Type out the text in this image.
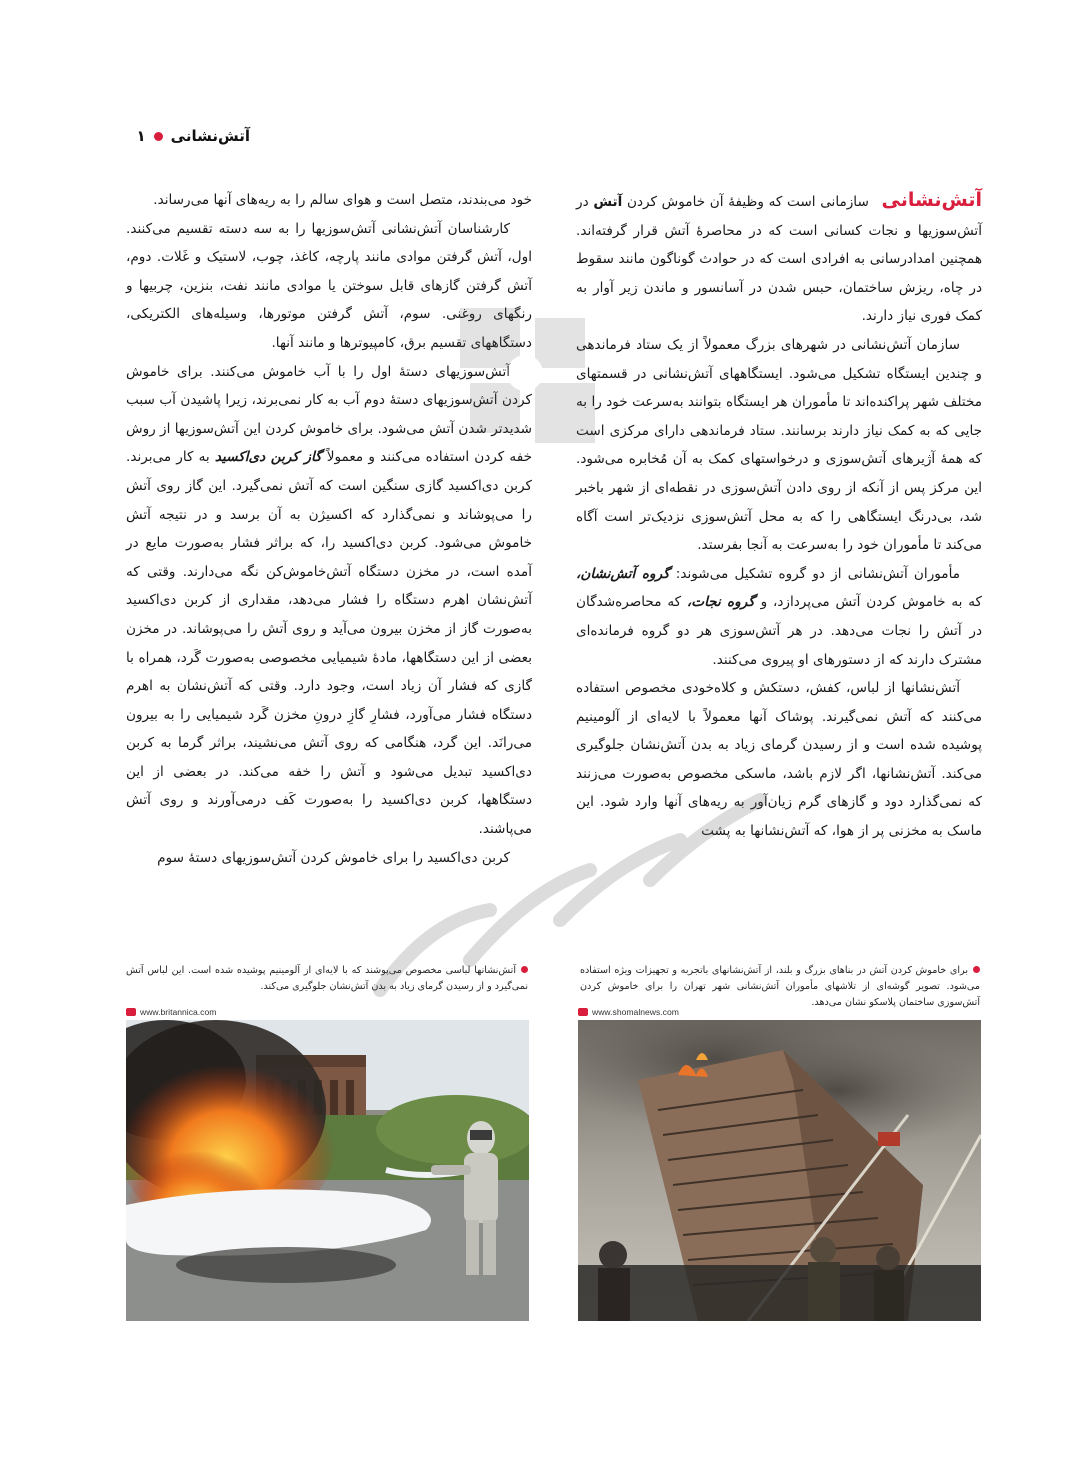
آتش‌نشانی
۱

آتش‌نشانی سازمانی است که وظیفهٔ آن خاموش کردن آتش در آتش‌سوزیها و نجات کسانی است که در محاصرهٔ آتش قرار گرفته‌اند. همچنین امدادرسانی به افرادی است که در حوادث گوناگون مانند سقوط در چاه، ریزش ساختمان، حبس شدن در آسانسور و ماندن زیر آوار به کمک فوری نیاز دارند.

سازمان آتش‌نشانی در شهرهای بزرگ معمولاً از یک ستاد فرماندهی و چندین ایستگاه تشکیل می‌شود. ایستگاههای آتش‌نشانی در قسمتهای مختلف شهر پراکنده‌اند تا مأموران هر ایستگاه بتوانند به‌سرعت خود را به جایی که به کمک نیاز دارند برسانند. ستاد فرماندهی دارای مرکزی است که همهٔ آژیرهای آتش‌سوزی و درخواستهای کمک به آن مُخابره می‌شود. این مرکز پس از آنکه از روی دادن آتش‌سوزی در نقطه‌ای از شهر باخبر شد، بی‌درنگ ایستگاهی را که به محل آتش‌سوزی نزدیک‌تر است آگاه می‌کند تا مأموران خود را به‌سرعت به آنجا بفرستد.

مأموران آتش‌نشانی از دو گروه تشکیل می‌شوند: گروه آتش‌نشان، که به خاموش کردن آتش می‌پردازد، و گروه نجات، که محاصره‌شدگان در آتش را نجات می‌دهد. در هر آتش‌سوزی هر دو گروه فرمانده‌ای مشترک دارند که از دستورهای او پیروی می‌کنند.

آتش‌نشانها از لباس، کفش، دستکش و کلاه‌خودی مخصوص استفاده می‌کنند که آتش نمی‌گیرند. پوشاک آنها معمولاً با لایه‌ای از آلومینیم پوشیده شده است و از رسیدن گرمای زیاد به بدن آتش‌نشان جلوگیری می‌کند. آتش‌نشانها، اگر لازم باشد، ماسکی مخصوص به‌صورت می‌زنند که نمی‌گذارد دود و گازهای گرم زیان‌آور به ریه‌های آنها وارد شود. این ماسک به مخزنی پر از هوا، که آتش‌نشانها به پشت

خود می‌بندند، متصل است و هوای سالم را به ریه‌های آنها می‌رساند.

کارشناسان آتش‌نشانی آتش‌سوزیها را به سه دسته تقسیم می‌کنند. اول، آتش گرفتن موادی مانند پارچه، کاغذ، چوب، لاستیک و غَلات. دوم، آتش گرفتن گازهای قابل سوختن یا موادی مانند نفت، بنزین، چربیها و رنگهای روغنی. سوم، آتش گرفتن موتورها، وسیله‌های الکتریکی، دستگاههای تقسیم برق، کامپیوترها و مانند آنها.

آتش‌سوزیهای دستهٔ اول را با آب خاموش می‌کنند. برای خاموش کردن آتش‌سوزیهای دستهٔ دوم آب به کار نمی‌برند، زیرا پاشیدن آب سبب شدیدتر شدن آتش می‌شود. برای خاموش کردن این آتش‌سوزیها از روش خفه کردن استفاده می‌کنند و معمولاً گاز کربن دی‌اکسید به کار می‌برند. کربن دی‌اکسید گازی سنگین است که آتش نمی‌گیرد. این گاز روی آتش را می‌پوشاند و نمی‌گذارد که اکسیژن به آن برسد و در نتیجه آتش خاموش می‌شود. کربن دی‌اکسید را، که براثر فشار به‌صورت مایع در آمده است، در مخزن دستگاه آتش‌خاموش‌کن نگه می‌دارند. وقتی که آتش‌نشان اهرم دستگاه را فشار می‌دهد، مقداری از کربن دی‌اکسید به‌صورت گاز از مخزن بیرون می‌آید و روی آتش را می‌پوشاند. در مخزن بعضی از این دستگاهها، مادهٔ شیمیایی مخصوصی به‌صورت گَرد، همراه با گازی که فشار آن زیاد است، وجود دارد. وقتی که آتش‌نشان به اهرم دستگاه فشار می‌آورد، فشارِ گازِ درونِ مخزن گَرد شیمیایی را به بیرون می‌رانَد. این گرد، هنگامی که روی آتش می‌نشیند، براثر گرما به کربن دی‌اکسید تبدیل می‌شود و آتش را خفه می‌کند. در بعضی از این دستگاهها، کربن دی‌اکسید را به‌صورت کَف درمی‌آورند و روی آتش می‌پاشند.

کربن دی‌اکسید را برای خاموش کردن آتش‌سوزیهای دستهٔ سوم

برای خاموش کردن آتش در بناهای بزرگ و بلند، از آتش‌نشانهای باتجربه و تجهیزات ویژه استفاده می‌شود. تصویر گوشه‌ای از تلاشهای مأموران آتش‌نشانی شهر تهران را برای خاموش کردن آتش‌سوزی ساختمان پلاسکو نشان می‌دهد.
آتش‌نشانها لباسی مخصوص می‌پوشند که با لایه‌ای از آلومینیم پوشیده شده است. این لباس آتش نمی‌گیرد و از رسیدن گرمای زیاد به بدن آتش‌نشان جلوگیری می‌کند.
www.shomalnews.com
www.britannica.com
